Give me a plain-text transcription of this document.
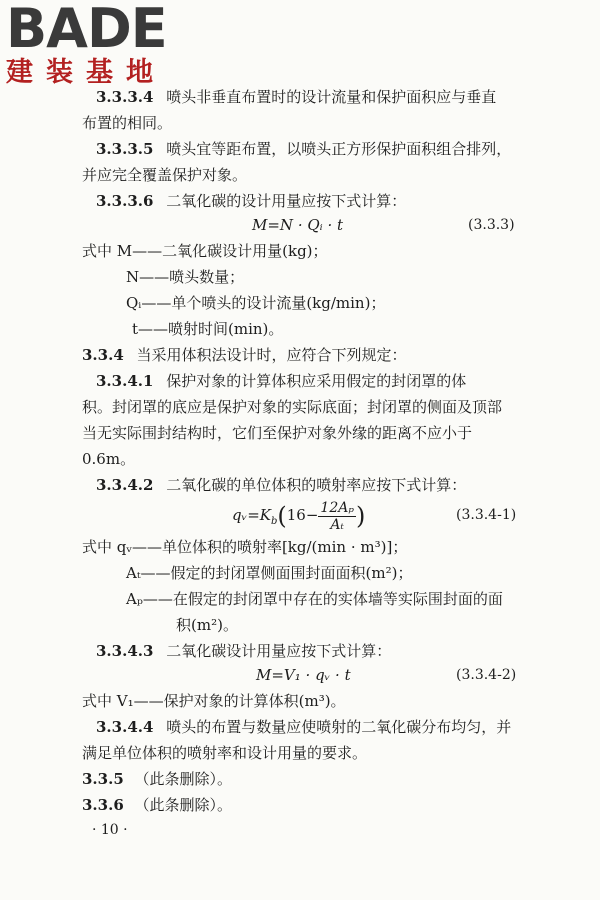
BADE
建装基地
3.3.3.4 喷头非垂直布置时的设计流量和保护面积应与垂直
布置的相同。
3.3.3.5 喷头宜等距布置，以喷头正方形保护面积组合排列，
并应完全覆盖保护对象。
3.3.3.6 二氧化碳的设计用量应按下式计算：
M=N · Qᵢ · t	(3.3.3)
式中 M——二氧化碳设计用量(kg)；
N——喷头数量；
Qᵢ——单个喷头的设计流量(kg/min)；
t——喷射时间(min)。
3.3.4 当采用体积法设计时，应符合下列规定：
3.3.4.1 保护对象的计算体积应采用假定的封闭罩的体
积。封闭罩的底应是保护对象的实际底面；封闭罩的侧面及顶部
当无实际围封结构时，它们至保护对象外缘的距离不应小于
0.6m。
3.3.4.2 二氧化碳的单位体积的喷射率应按下式计算：
$qᵥ=K_b(16- \frac{\text{12Aₚ}}{\text{Aₜ}}$ )	(3.3.4-1)
式中 qᵥ——单位体积的喷射率[kg/(min · m³)]；
Aₜ——假定的封闭罩侧面围封面面积(m²)；
Aₚ——在假定的封闭罩中存在的实体墙等实际围封面的面
积(m²)。
3.3.4.3 二氧化碳设计用量应按下式计算：
M=V₁ · qᵥ · t	(3.3.4-2)
式中 V₁——保护对象的计算体积(m³)。
3.3.4.4 喷头的布置与数量应使喷射的二氧化碳分布均匀，并
满足单位体积的喷射率和设计用量的要求。
3.3.5 （此条删除）。
3.3.6 （此条删除）。
· 10 ·
